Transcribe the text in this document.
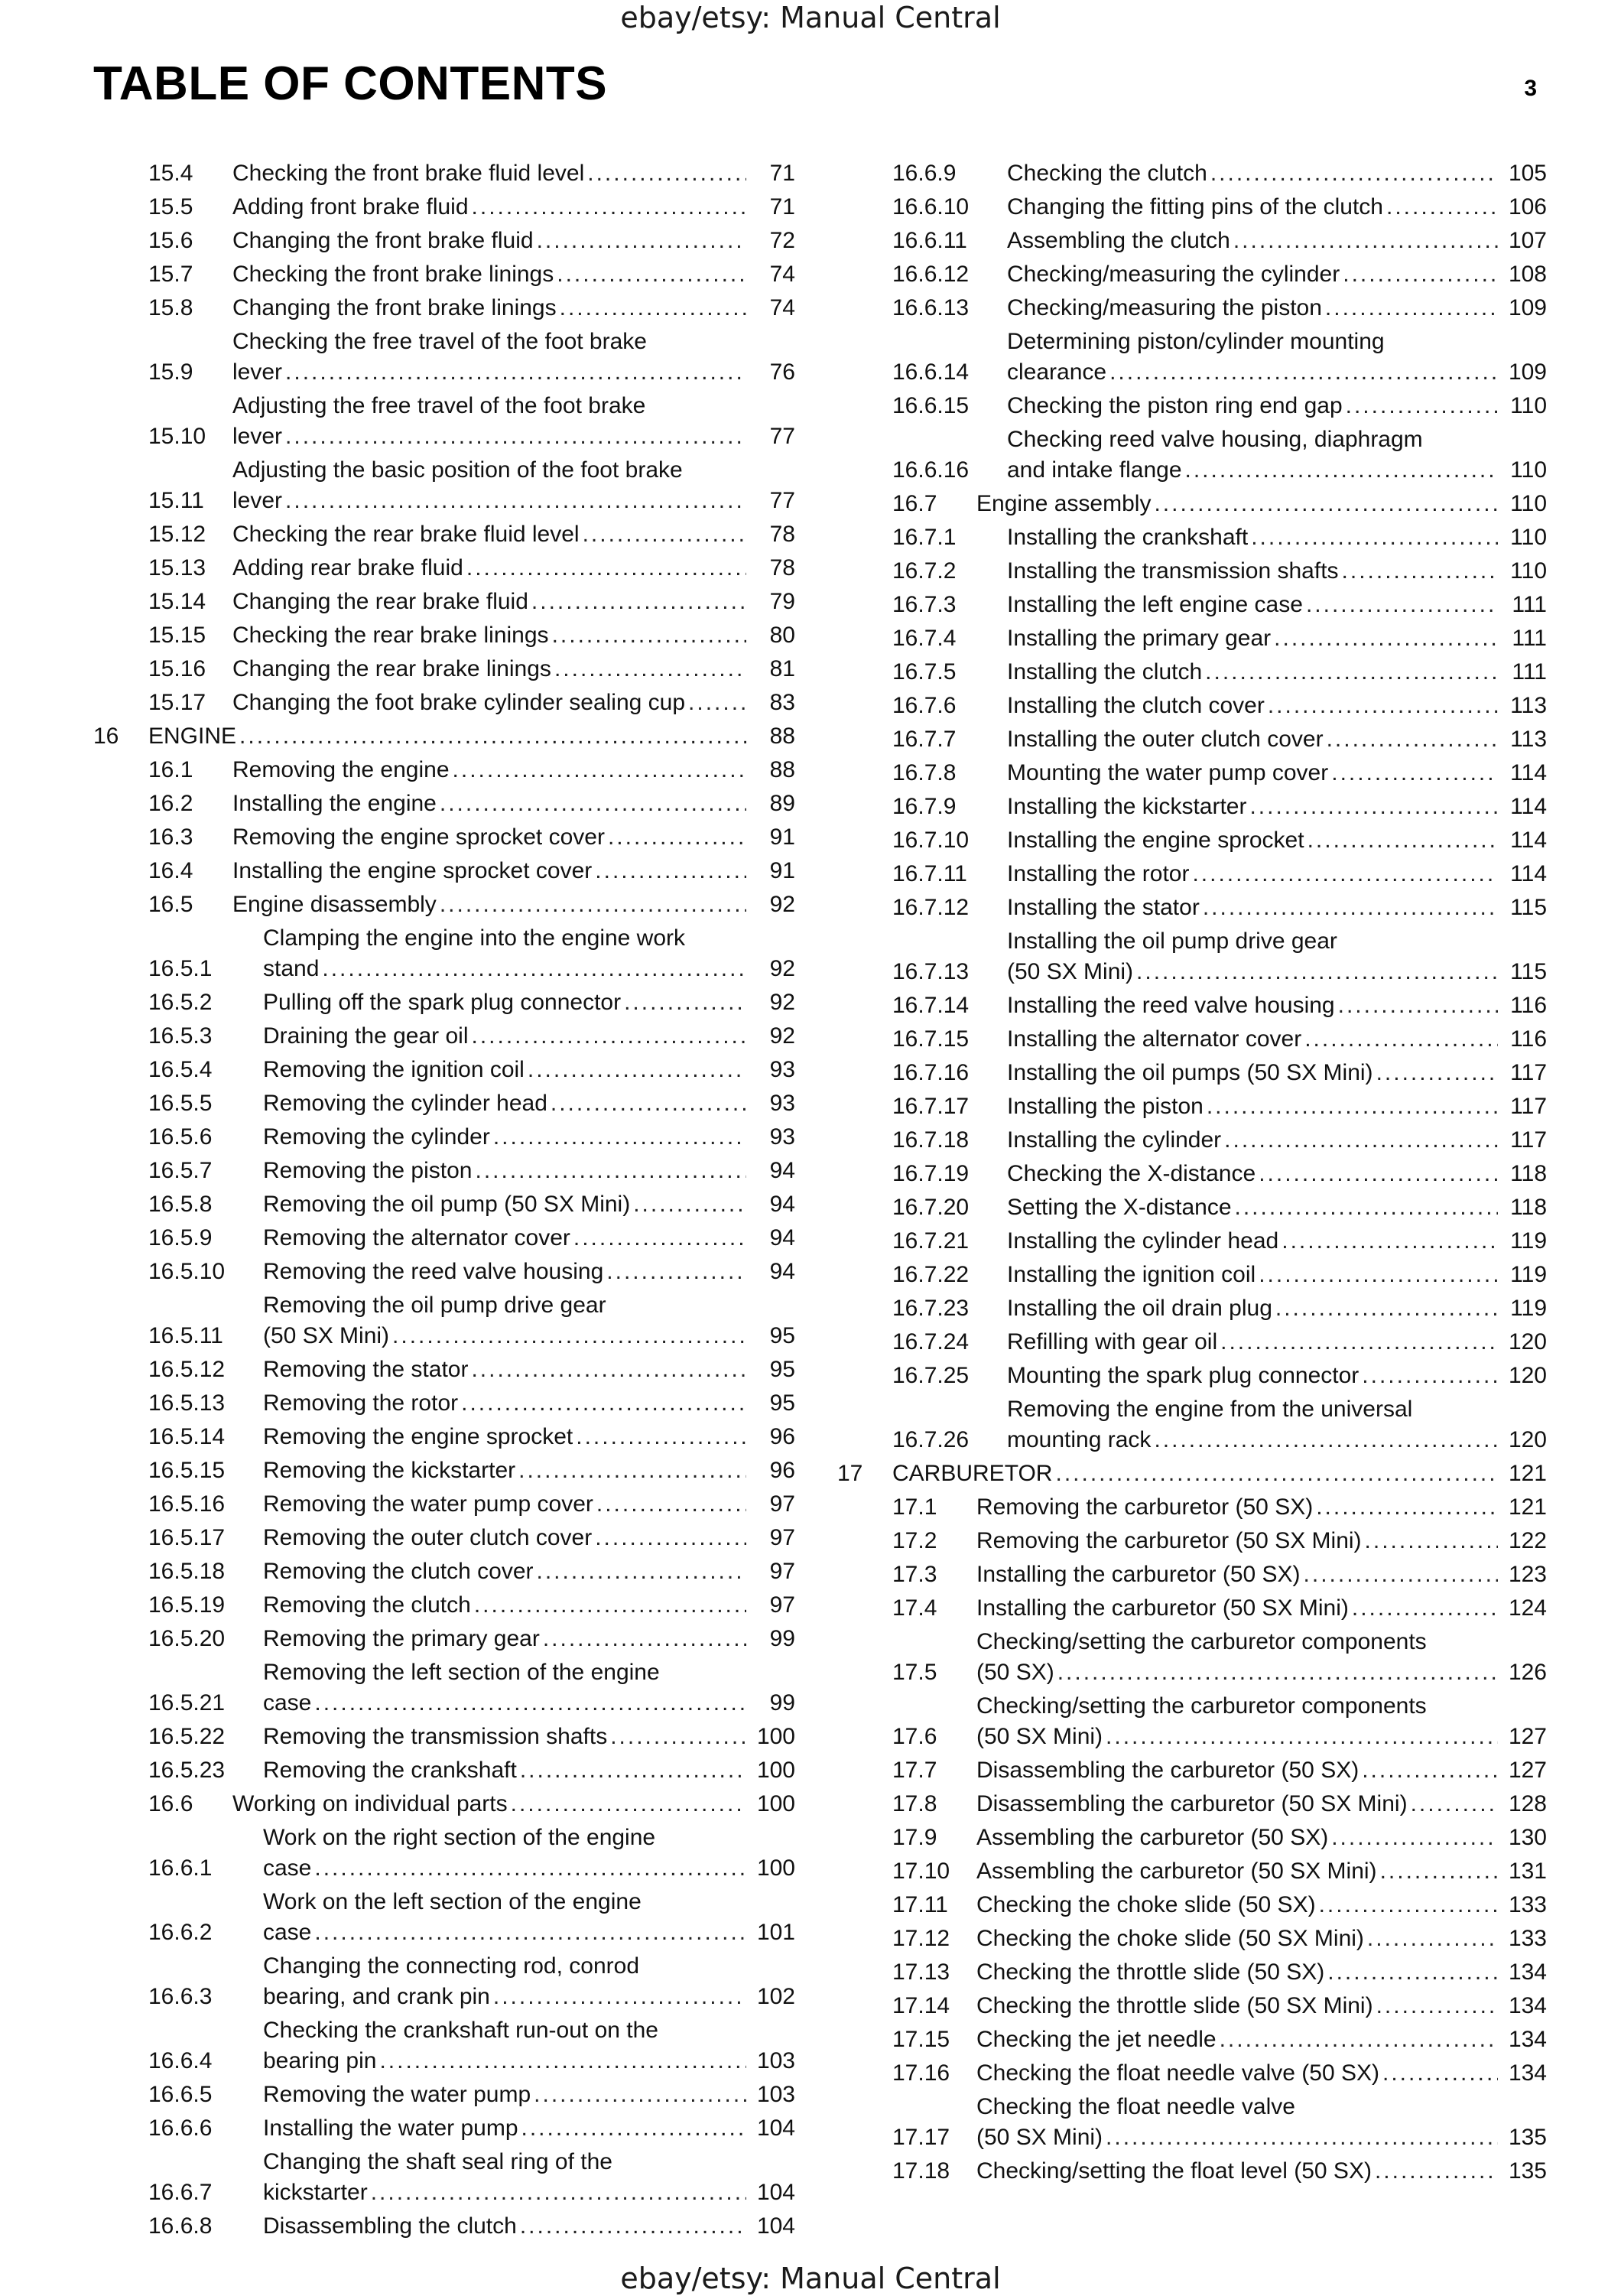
ebay/etsy: Manual Central
TABLE OF CONTENTS	3
15.4	Checking the front brake fluid level .....	71
15.5	Adding front brake fluid .....	71
15.6	Changing the front brake fluid .....	72
15.7	Checking the front brake linings .....	74
15.8	Changing the front brake linings .....	74
15.9
Checking the free travel of the foot brake
lever .....	76
15.10
Adjusting the free travel of the foot brake
lever .....	77
15.11
Adjusting the basic position of the foot brake
lever .....	77
15.12	Checking the rear brake fluid level .....	78
15.13	Adding rear brake fluid .....	78
15.14	Changing the rear brake fluid .....	79
15.15	Checking the rear brake linings .....	80
15.16	Changing the rear brake linings .....	81
15.17	Changing the foot brake cylinder sealing cup .....	83
16	ENGINE .....	88
16.1	Removing the engine .....	88
16.2	Installing the engine .....	89
16.3	Removing the engine sprocket cover .....	91
16.4	Installing the engine sprocket cover .....	91
16.5	Engine disassembly .....	92
16.5.1
Clamping the engine into the engine work
stand .....	92
16.5.2	Pulling off the spark plug connector .....	92
16.5.3	Draining the gear oil .....	92
16.5.4	Removing the ignition coil .....	93
16.5.5	Removing the cylinder head .....	93
16.5.6	Removing the cylinder .....	93
16.5.7	Removing the piston .....	94
16.5.8	Removing the oil pump (50 SX Mini) .....	94
16.5.9	Removing the alternator cover .....	94
16.5.10	Removing the reed valve housing .....	94
16.5.11
Removing the oil pump drive gear
(50 SX Mini) .....	95
16.5.12	Removing the stator .....	95
16.5.13	Removing the rotor .....	95
16.5.14	Removing the engine sprocket .....	96
16.5.15	Removing the kickstarter .....	96
16.5.16	Removing the water pump cover .....	97
16.5.17	Removing the outer clutch cover .....	97
16.5.18	Removing the clutch cover .....	97
16.5.19	Removing the clutch .....	97
16.5.20	Removing the primary gear .....	99
16.5.21
Removing the left section of the engine
case .....	99
16.5.22	Removing the transmission shafts .....	100
16.5.23	Removing the crankshaft .....	100
16.6	Working on individual parts .....	100
16.6.1
Work on the right section of the engine
case .....	100
16.6.2
Work on the left section of the engine
case .....	101
16.6.3
Changing the connecting rod, conrod
bearing, and crank pin .....	102
16.6.4
Checking the crankshaft run-out on the
bearing pin .....	103
16.6.5	Removing the water pump .....	103
16.6.6	Installing the water pump .....	104
16.6.7
Changing the shaft seal ring of the
kickstarter .....	104
16.6.8	Disassembling the clutch .....	104
16.6.9	Checking the clutch .....	105
16.6.10	Changing the fitting pins of the clutch .....	106
16.6.11	Assembling the clutch .....	107
16.6.12	Checking/measuring the cylinder .....	108
16.6.13	Checking/measuring the piston .....	109
16.6.14
Determining piston/cylinder mounting
clearance .....	109
16.6.15	Checking the piston ring end gap .....	110
16.6.16
Checking reed valve housing, diaphragm
and intake flange .....	110
16.7	Engine assembly .....	110
16.7.1	Installing the crankshaft .....	110
16.7.2	Installing the transmission shafts .....	110
16.7.3	Installing the left engine case .....	111
16.7.4	Installing the primary gear .....	111
16.7.5	Installing the clutch .....	111
16.7.6	Installing the clutch cover .....	113
16.7.7	Installing the outer clutch cover .....	113
16.7.8	Mounting the water pump cover .....	114
16.7.9	Installing the kickstarter .....	114
16.7.10	Installing the engine sprocket .....	114
16.7.11	Installing the rotor .....	114
16.7.12	Installing the stator .....	115
16.7.13
Installing the oil pump drive gear
(50 SX Mini) .....	115
16.7.14	Installing the reed valve housing .....	116
16.7.15	Installing the alternator cover .....	116
16.7.16	Installing the oil pumps (50 SX Mini) .....	117
16.7.17	Installing the piston .....	117
16.7.18	Installing the cylinder .....	117
16.7.19	Checking the X-distance .....	118
16.7.20	Setting the X-distance .....	118
16.7.21	Installing the cylinder head .....	119
16.7.22	Installing the ignition coil .....	119
16.7.23	Installing the oil drain plug .....	119
16.7.24	Refilling with gear oil .....	120
16.7.25	Mounting the spark plug connector .....	120
16.7.26
Removing the engine from the universal
mounting rack .....	120
17	CARBURETOR .....	121
17.1	Removing the carburetor (50 SX) .....	121
17.2	Removing the carburetor (50 SX Mini) .....	122
17.3	Installing the carburetor (50 SX) .....	123
17.4	Installing the carburetor (50 SX Mini) .....	124
17.5
Checking/setting the carburetor components
(50 SX) .....	126
17.6
Checking/setting the carburetor components
(50 SX Mini) .....	127
17.7	Disassembling the carburetor (50 SX) .....	127
17.8	Disassembling the carburetor (50 SX Mini) .....	128
17.9	Assembling the carburetor (50 SX) .....	130
17.10	Assembling the carburetor (50 SX Mini) .....	131
17.11	Checking the choke slide (50 SX) .....	133
17.12	Checking the choke slide (50 SX Mini) .....	133
17.13	Checking the throttle slide (50 SX) .....	134
17.14	Checking the throttle slide (50 SX Mini) .....	134
17.15	Checking the jet needle .....	134
17.16	Checking the float needle valve (50 SX) .....	134
17.17
Checking the float needle valve
(50 SX Mini) .....	135
17.18	Checking/setting the float level (50 SX) .....	135
ebay/etsy: Manual Central
